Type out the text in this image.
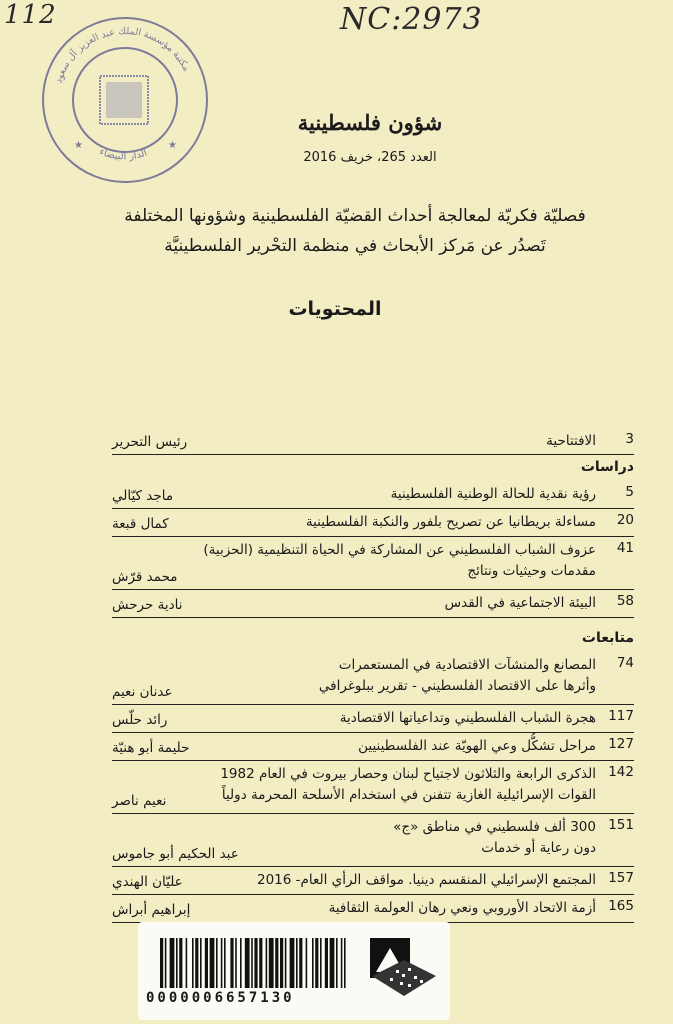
112	NC:2973
مكتبة مؤسسة الملك عبد العزيز آل سعود
الدار البيضاء
★	★
شؤون فلسطينية
العدد 265، خريف 2016
فصليّة فكريّة لمعالجة أحداث القضيّة الفلسطينية وشؤونها المختلفة
تَصدُر عن مَركز الأبحاث في منظمة التحْرير الفلسطينيَّة
المحتويات
3
الافتتاحية
رئيس التحرير
دراسات
5
رؤية نقدية للحالة الوطنية الفلسطينية
ماجد كيّالي
20
مساءلة بريطانيا عن تصريح بلفور والنكبة الفلسطينية
كمال قبعة
41
عزوف الشباب الفلسطيني عن المشاركة في الحياة التنظيمية (الحزبية)
مقدمات وحيثيات ونتائج
محمد قرّش
58
البيئة الاجتماعية في القدس
نادية حرحش
متابعات
74
المصانع والمنشآت الاقتصادية في المستعمرات
وأثرها على الاقتصاد الفلسطيني - تقرير ببلوغرافي
عدنان نعيم
117
هجرة الشباب الفلسطيني وتداعياتها الاقتصادية
رائد حلّس
127
مراحل تشكُّل وعي الهويّة عند الفلسطينيين
حليمة أبو هنيّة
142
الذكرى الرابعة والثلاثون لاجتياح لبنان وحصار بيروت في العام 1982
القوات الإسرائيلية الغازية تتفنن في استخدام الأسلحة المحرمة دولياً
نعيم ناصر
151
300 ألف فلسطيني في مناطق «ج»
دون رعاية أو خدمات
عبد الحكيم أبو جاموس
157
المجتمع الإسرائيلي المنقسم دينيا. مواقف الرأي العام- 2016
عليّان الهندي
165
أزمة الاتحاد الأوروبي ونعي رهان العولمة الثقافية
إبراهيم أبراش
0000006657130
